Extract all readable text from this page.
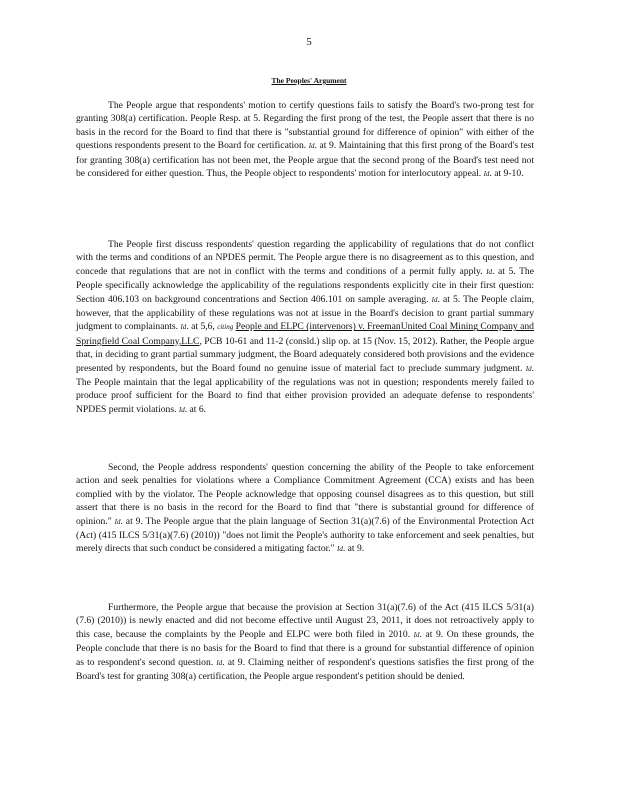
5
The Peoples' Argument

The People argue that respondents' motion to certify questions fails to satisfy the Board's two-prong test for granting 308(a) certification. People Resp. at 5. Regarding the first prong of the test, the People assert that there is no basis in the record for the Board to find that there is "substantial ground for difference of opinion" with either of the questions respondents present to the Board for certification. Id. at 9. Maintaining that this first prong of the Board's test for granting 308(a) certification has not been met, the People argue that the second prong of the Board's test need not be considered for either question. Thus, the People object to respondents' motion for interlocutory appeal. Id. at 9-10.

The People first discuss respondents' question regarding the applicability of regulations that do not conflict with the terms and conditions of an NPDES permit. The People argue there is no disagreement as to this question, and concede that regulations that are not in conflict with the terms and conditions of a permit fully apply. Id. at 5. The People specifically acknowledge the applicability of the regulations respondents explicitly cite in their first question: Section 406.103 on background concentrations and Section 406.101 on sample averaging. Id. at 5. The People claim, however, that the applicability of these regulations was not at issue in the Board's decision to grant partial summary judgment to complainants. Id. at 5,6, citing People and ELPC (intervenors) v. FreemanUnited Coal Mining Company and Springfield Coal Company,LLC, PCB 10-61 and 11-2 (consld.) slip op. at 15 (Nov. 15, 2012). Rather, the People argue that, in deciding to grant partial summary judgment, the Board adequately considered both provisions and the evidence presented by respondents, but the Board found no genuine issue of material fact to preclude summary judgment. Id. The People maintain that the legal applicability of the regulations was not in question; respondents merely failed to produce proof sufficient for the Board to find that either provision provided an adequate defense to respondents' NPDES permit violations. Id. at 6.

Second, the People address respondents' question concerning the ability of the People to take enforcement action and seek penalties for violations where a Compliance Commitment Agreement (CCA) exists and has been complied with by the violator. The People acknowledge that opposing counsel disagrees as to this question, but still assert that there is no basis in the record for the Board to find that "there is substantial ground for difference of opinion." Id. at 9. The People argue that the plain language of Section 31(a)(7.6) of the Environmental Protection Act (Act) (415 ILCS 5/31(a)(7.6) (2010)) "does not limit the People's authority to take enforcement and seek penalties, but merely directs that such conduct be considered a mitigating factor." Id. at 9.

Furthermore, the People argue that because the provision at Section 31(a)(7.6) of the Act (415 ILCS 5/31(a)(7.6) (2010)) is newly enacted and did not become effective until August 23, 2011, it does not retroactively apply to this case, because the complaints by the People and ELPC were both filed in 2010. Id. at 9. On these grounds, the People conclude that there is no basis for the Board to find that there is a ground for substantial difference of opinion as to respondent's second question. Id. at 9. Claiming neither of respondent's questions satisfies the first prong of the Board's test for granting 308(a) certification, the People argue respondent's petition should be denied.
